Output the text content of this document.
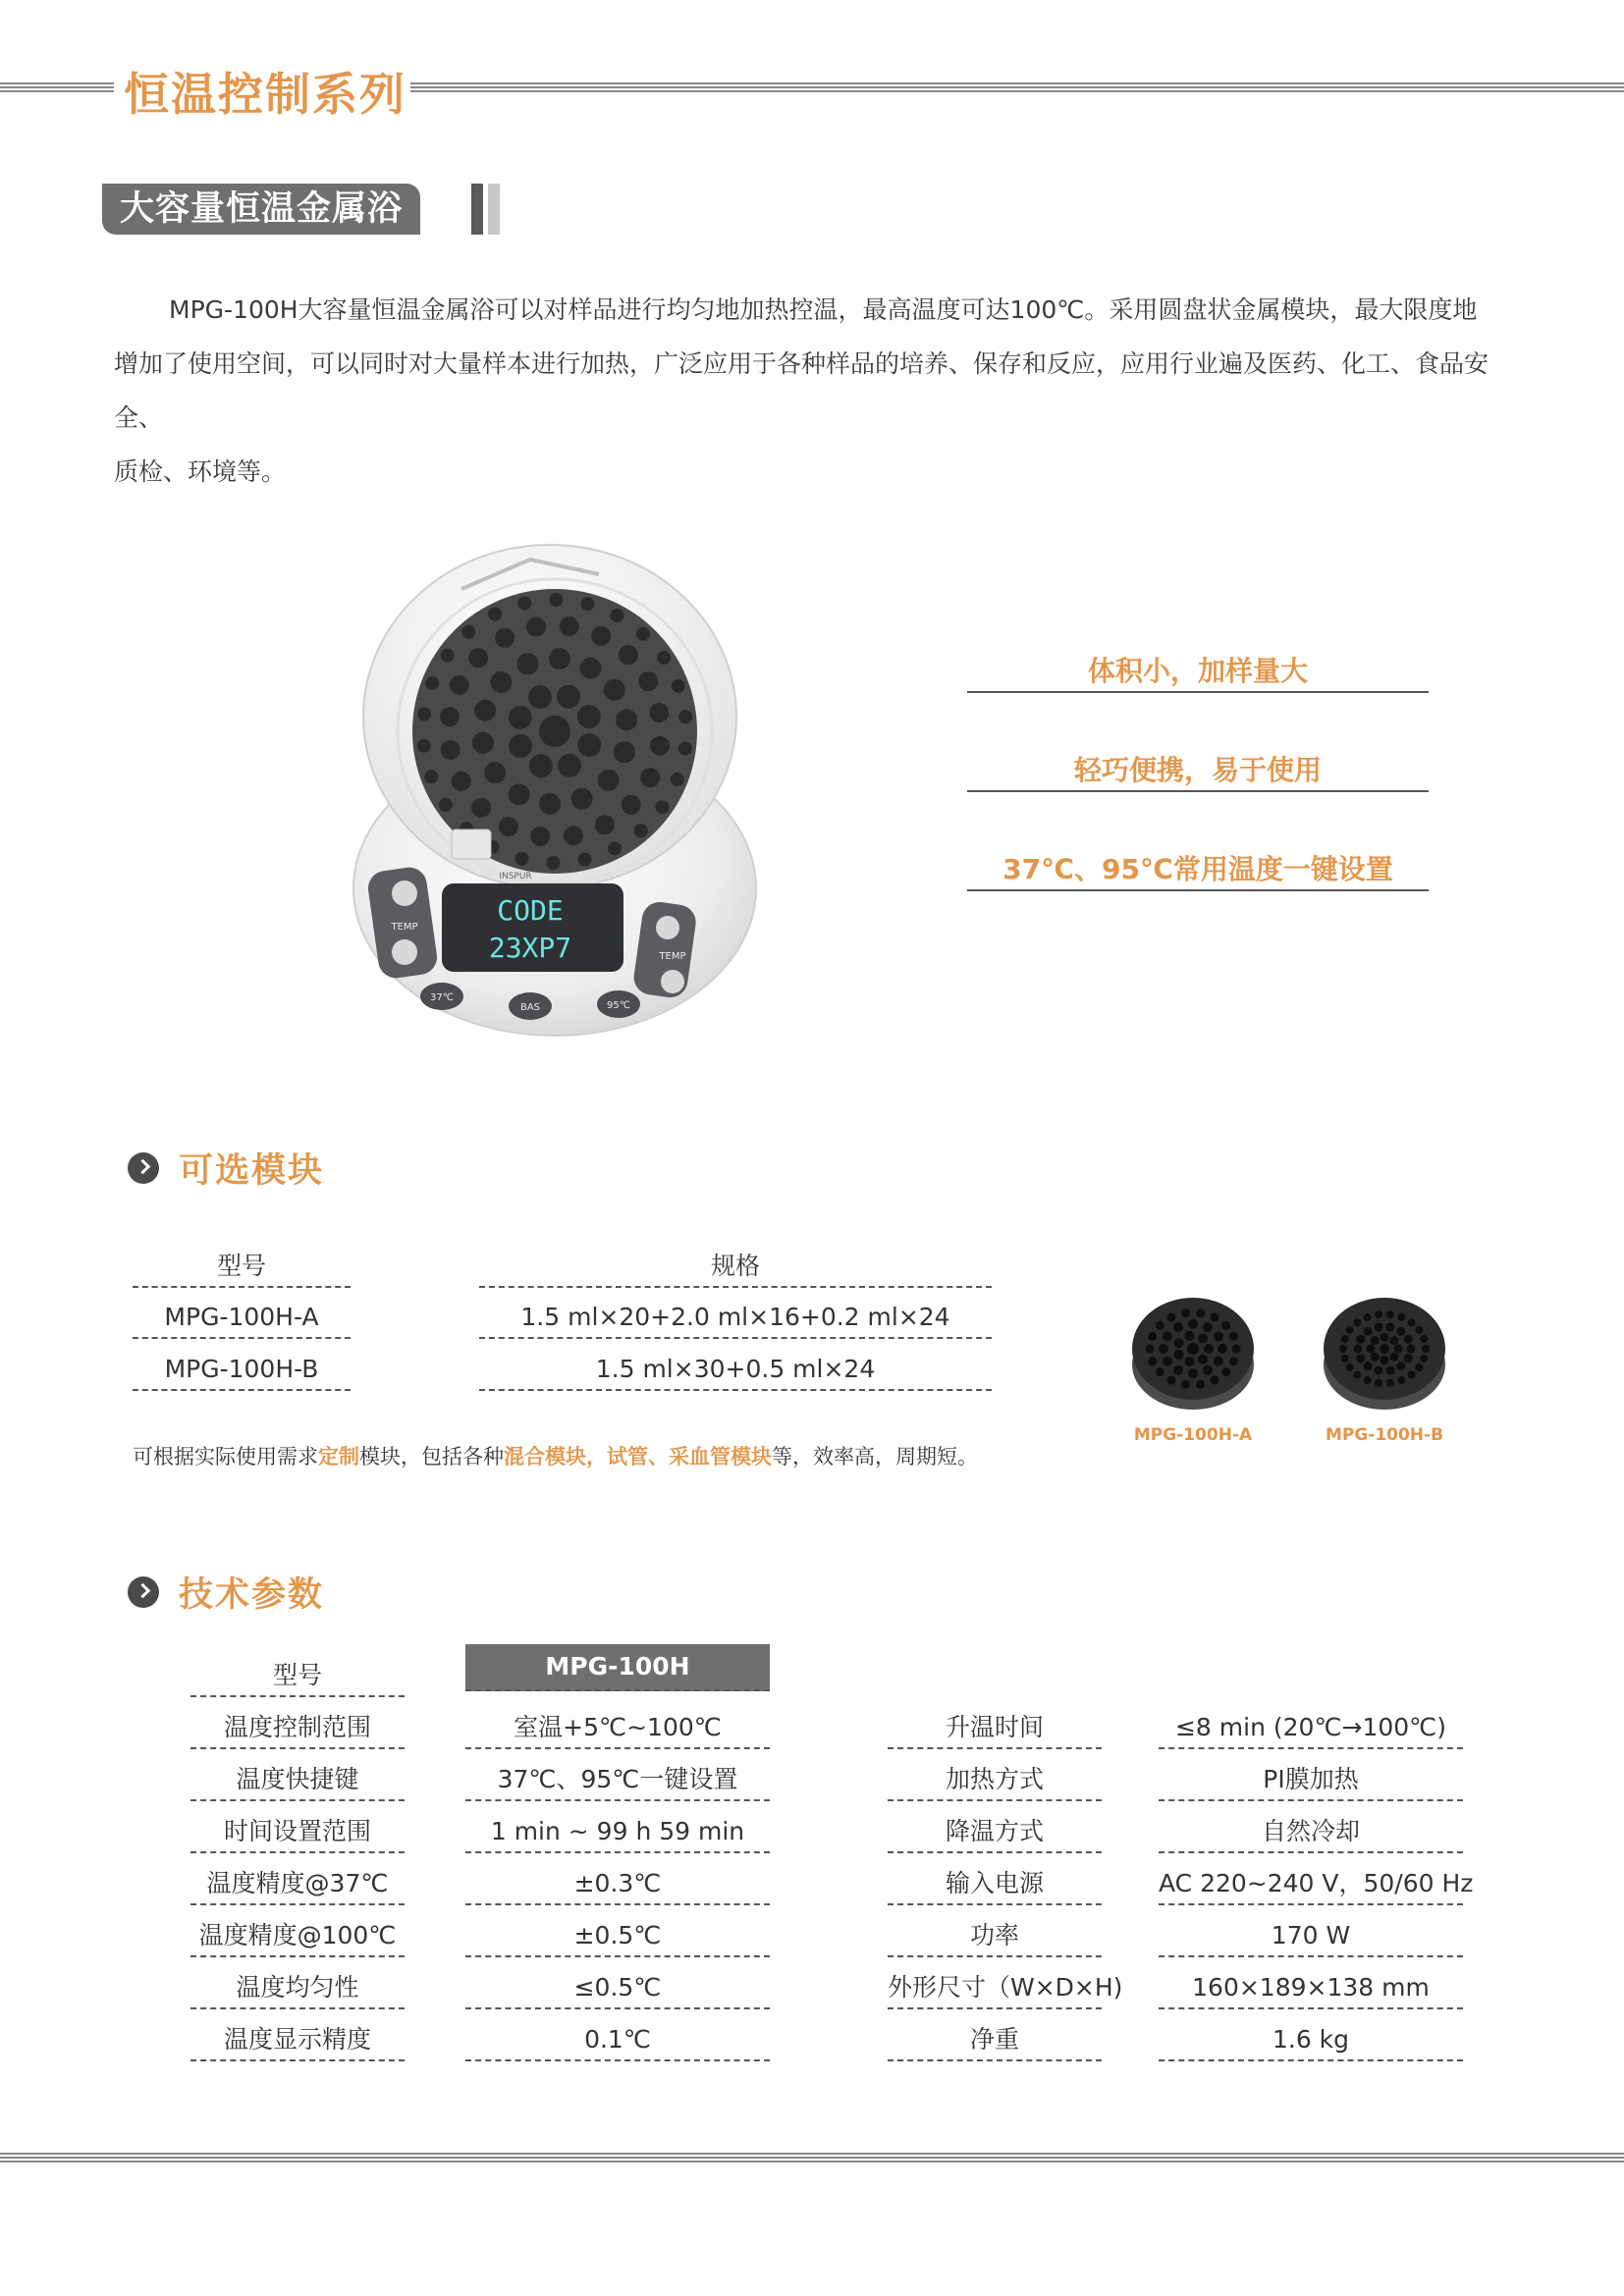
恒温控制系列
大容量恒温金属浴

MPG-100H大容量恒温金属浴可以对样品进行均匀地加热控温，最高温度可达100℃。采用圆盘状金属模块，最大限度地

增加了使用空间，可以同时对大量样本进行加热，广泛应用于各种样品的培养、保存和反应，应用行业遍及医药、化工、食品安全、
质检、环境等。
TEMP
CODE
23XP7
INSPUR
TEMP
37℃
BAS	95℃
体积小，加样量大
轻巧便携，易于使用
37℃、95℃常用温度一键设置
可选模块
型号	规格
MPG-100H-A	1.5 ml×20+2.0 ml×16+0.2 ml×24
MPG-100H-B	1.5 ml×30+0.5 ml×24
可根据实际使用需求定制模块，包括各种混合模块，试管、采血管模块等，效率高，周期短。
MPG-100H-A	MPG-100H-B
技术参数
型号	MPG-100H
温度控制范围	室温+5℃~100℃
温度快捷键	37℃、95℃一键设置
时间设置范围	1 min ~ 99 h 59 min
温度精度@37℃	±0.3℃
温度精度@100℃	±0.5℃
温度均匀性	≤0.5℃
温度显示精度	0.1℃
升温时间	≤8 min (20℃→100℃)
加热方式	PI膜加热
降温方式	自然冷却
输入电源	AC 220~240 V，50/60 Hz
功率	170 W
外形尺寸（W×D×H)	160×189×138 mm
净重	1.6 kg
